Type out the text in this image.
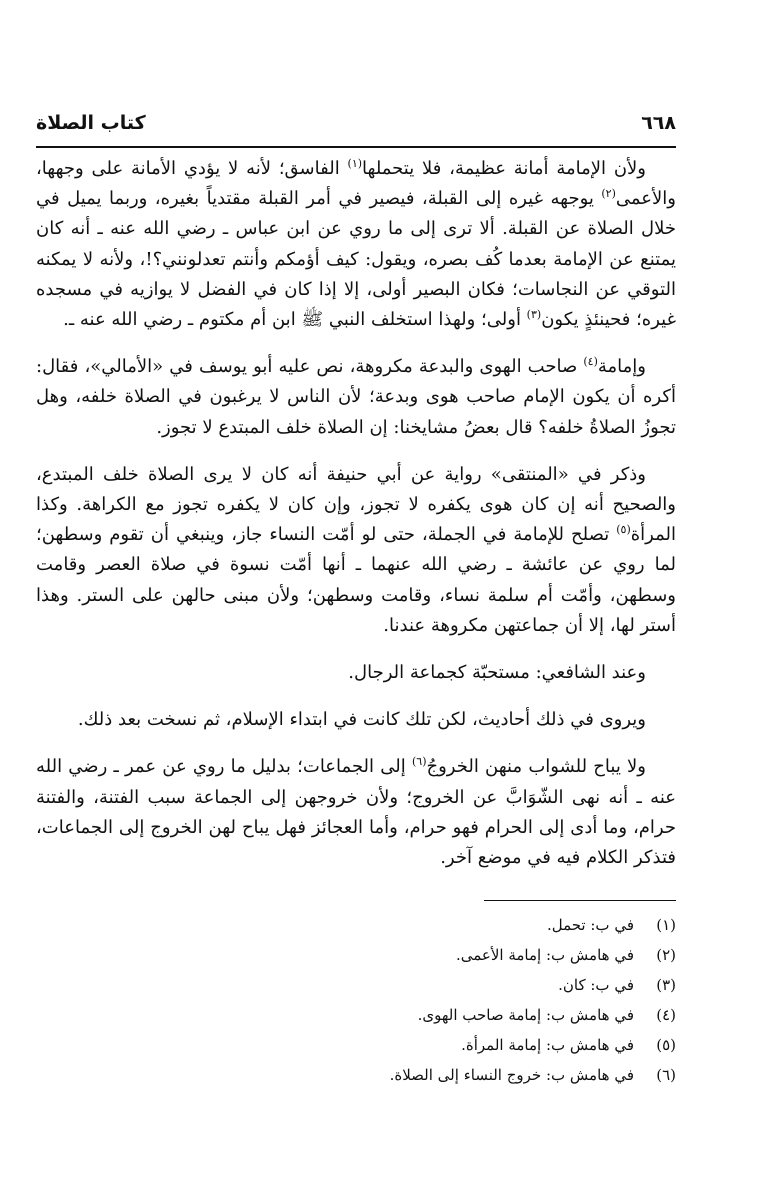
٦٦٨
كتاب الصلاة

ولأن الإمامة أمانة عظيمة، فلا يتحملها$^{(١)}$ الفاسق؛ لأنه لا يؤدي الأمانة على وجهها، والأعمى$^{(٢)}$ يوجهه غيره إلى القبلة، فيصير في أمر القبلة مقتدياً بغيره، وربما يميل في خلال الصلاة عن القبلة. ألا ترى إلى ما روي عن ابن عباس ـ رضي الله عنه ـ أنه كان يمتنع عن الإمامة بعدما كُف بصره، ويقول: كيف أؤمكم وأنتم تعدلونني؟!، ولأنه لا يمكنه التوقي عن النجاسات؛ فكان البصير أولى، إلا إذا كان في الفضل لا يوازيه في مسجده غيره؛ فحينئذٍ يكون$^{(٣)}$ أولى؛ ولهذا استخلف النبي ﷺ ابن أم مكتوم ـ رضي الله عنه ـ.

وإمامة$^{(٤)}$ صاحب الهوى والبدعة مكروهة، نص عليه أبو يوسف في «الأمالي»، فقال: أكره أن يكون الإمام صاحب هوى وبدعة؛ لأن الناس لا يرغبون في الصلاة خلفه، وهل تجوزُ الصلاةُ خلفه؟ قال بعضُ مشايخنا: إن الصلاة خلف المبتدع لا تجوز.

وذكر في «المنتقى» رواية عن أبي حنيفة أنه كان لا يرى الصلاة خلف المبتدع، والصحيح أنه إن كان هوى يكفره لا تجوز، وإن كان لا يكفره تجوز مع الكراهة. وكذا المرأة$^{(٥)}$ تصلح للإمامة في الجملة، حتى لو أمّت النساء جاز، وينبغي أن تقوم وسطهن؛ لما روي عن عائشة ـ رضي الله عنهما ـ أنها أمّت نسوة في صلاة العصر وقامت وسطهن، وأمّت أم سلمة نساء، وقامت وسطهن؛ ولأن مبنى حالهن على الستر. وهذا أستر لها، إلا أن جماعتهن مكروهة عندنا.

وعند الشافعي: مستحبّة كجماعة الرجال.

ويروى في ذلك أحاديث، لكن تلك كانت في ابتداء الإسلام، ثم نسخت بعد ذلك.

ولا يباح للشواب منهن الخروجُ$^{(٦)}$ إلى الجماعات؛ بدليل ما روي عن عمر ـ رضي الله عنه ـ أنه نهى الشّوَابَّ عن الخروج؛ ولأن خروجهن إلى الجماعة سبب الفتنة، والفتنة حرام، وما أدى إلى الحرام فهو حرام، وأما العجائز فهل يباح لهن الخروج إلى الجماعات، فتذكر الكلام فيه في موضع آخر.

(١)
في ب: تحمل.
(٢)
في هامش ب: إمامة الأعمى.
(٣)
في ب: كان.
(٤)
في هامش ب: إمامة صاحب الهوى.
(٥)
في هامش ب: إمامة المرأة.
(٦)
في هامش ب: خروج النساء إلى الصلاة.
